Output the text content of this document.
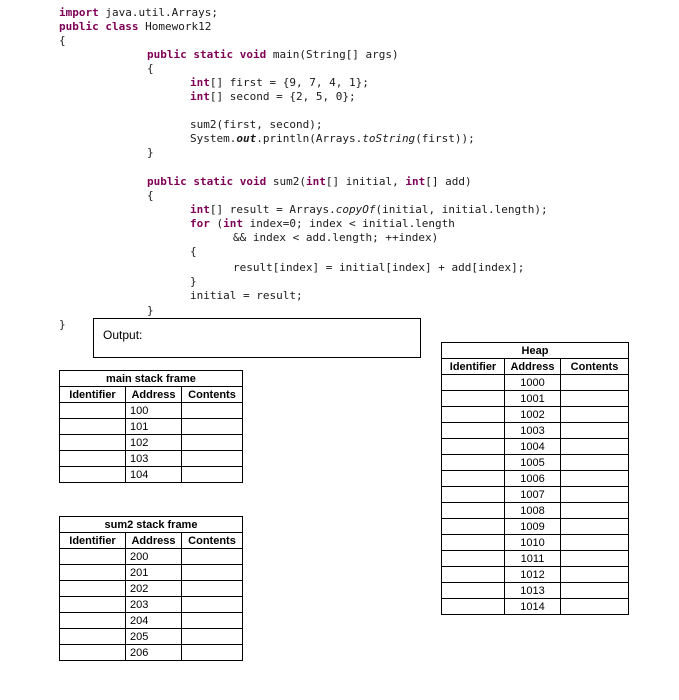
import java.util.Arrays;
public class Homework12
{
public static void main(String[] args)
{
int[] first = {9, 7, 4, 1};
int[] second = {2, 5, 0};
sum2(first, second);
System.out.println(Arrays.toString(first));
}
public static void sum2(int[] initial, int[] add)
{
int[] result = Arrays.copyOf(initial, initial.length);
for (int index=0; index < initial.length
&& index < add.length; ++index)
{
result[index] = initial[index] + add[index];
}
initial = result;
}
}
Output:
main stack frame		
Identifier	Address	Contents
	100	
	101	
	102	
	103	
	104	
sum2 stack frame		
Identifier	Address	Contents
	200	
	201	
	202	
	203	
	204	
	205	
	206	
Heap		
Identifier	Address	Contents
	1000	
	1001	
	1002	
	1003	
	1004	
	1005	
	1006	
	1007	
	1008	
	1009	
	1010	
	1011	
	1012	
	1013	
	1014	
